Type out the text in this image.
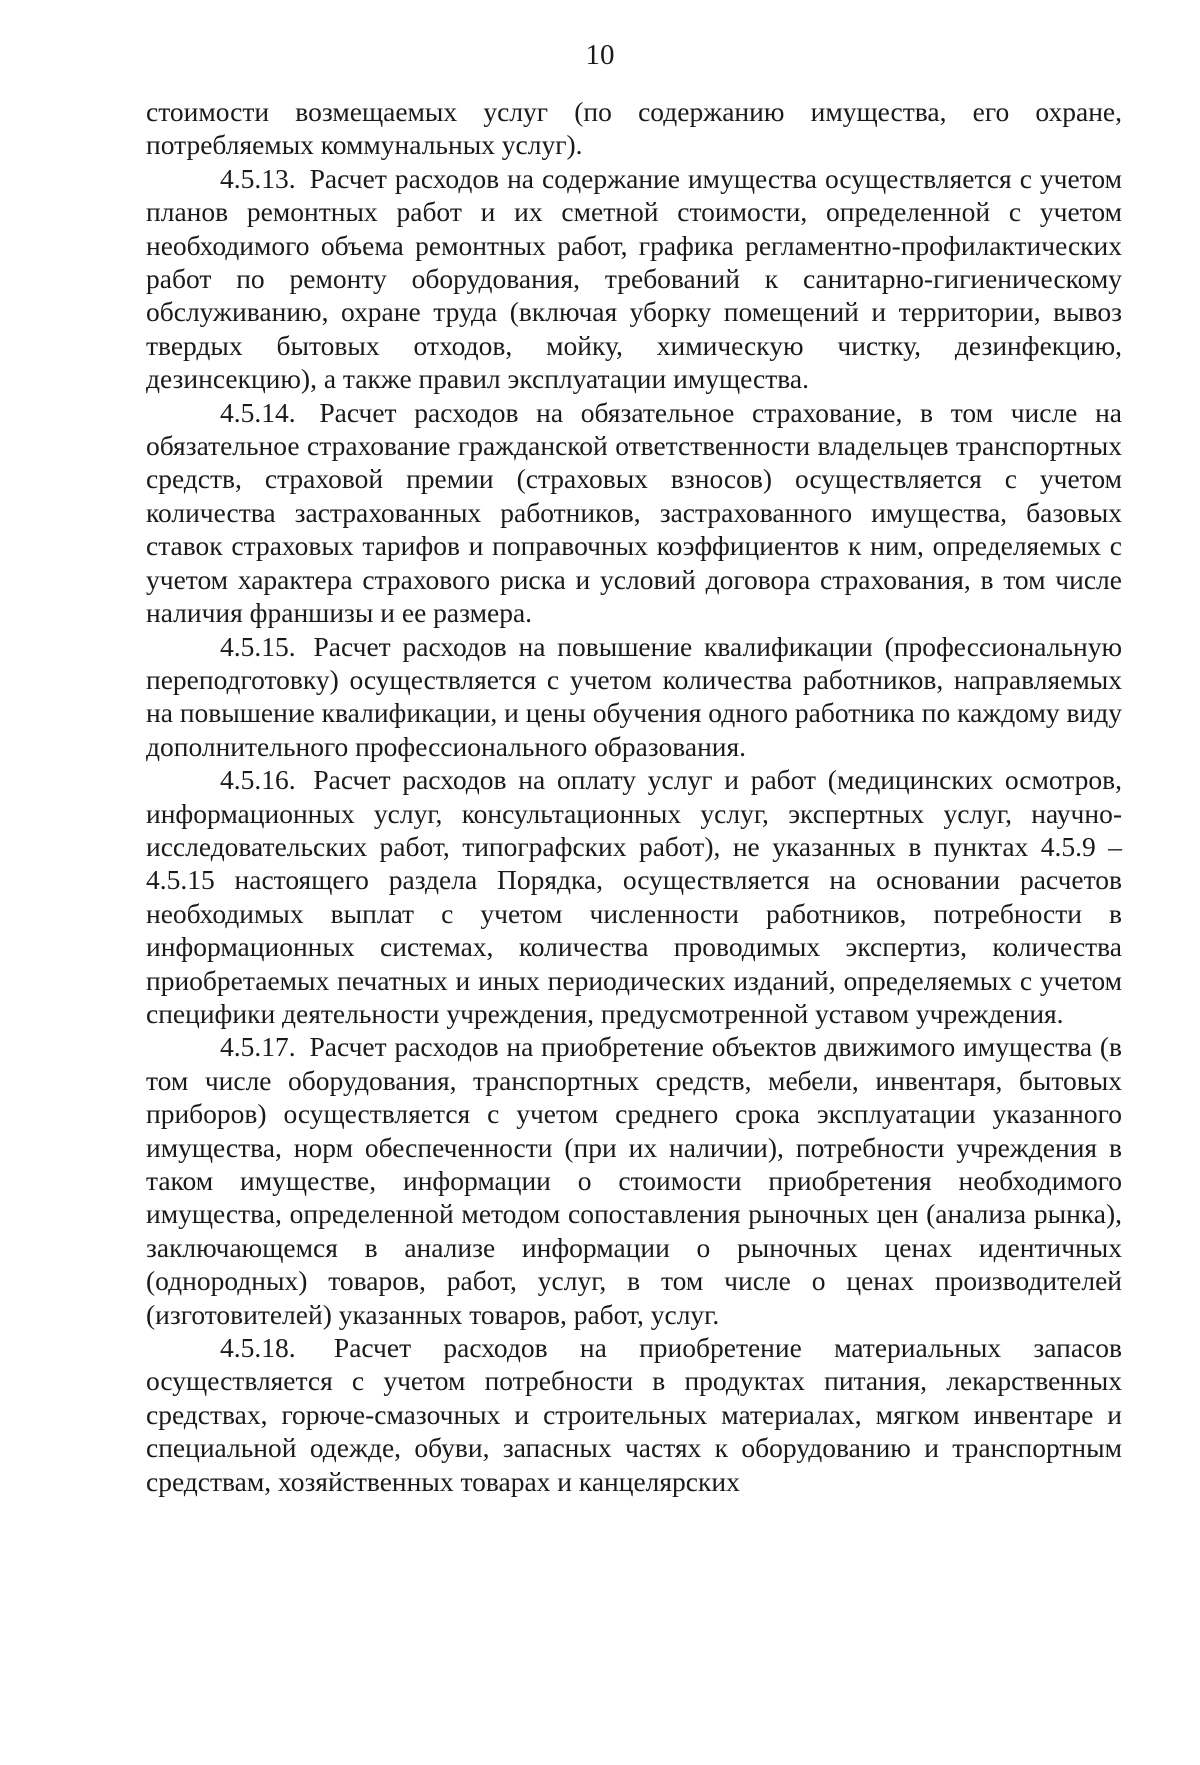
10

стоимости возмещаемых услуг (по содержанию имущества, его охране, потребляемых коммунальных услуг).

4.5.13. Расчет расходов на содержание имущества осуществляется с учетом планов ремонтных работ и их сметной стоимости, определенной с учетом необходимого объема ремонтных работ, графика регламентно-профилактических работ по ремонту оборудования, требований к санитарно-гигиеническому обслуживанию, охране труда (включая уборку помещений и территории, вывоз твердых бытовых отходов, мойку, химическую чистку, дезинфекцию, дезинсекцию), а также правил эксплуатации имущества.

4.5.14. Расчет расходов на обязательное страхование, в том числе на обязательное страхование гражданской ответственности владельцев транспортных средств, страховой премии (страховых взносов) осуществляется с учетом количества застрахованных работников, застрахованного имущества, базовых ставок страховых тарифов и поправочных коэффициентов к ним, определяемых с учетом характера страхового риска и условий договора страхования, в том числе наличия франшизы и ее размера.

4.5.15. Расчет расходов на повышение квалификации (профессиональную переподготовку) осуществляется с учетом количества работников, направляемых на повышение квалификации, и цены обучения одного работника по каждому виду дополнительного профессионального образования.

4.5.16. Расчет расходов на оплату услуг и работ (медицинских осмотров, информационных услуг, консультационных услуг, экспертных услуг, научно-исследовательских работ, типографских работ), не указанных в пунктах 4.5.9 – 4.5.15 настоящего раздела Порядка, осуществляется на основании расчетов необходимых выплат с учетом численности работников, потребности в информационных системах, количества проводимых экспертиз, количества приобретаемых печатных и иных периодических изданий, определяемых с учетом специфики деятельности учреждения, предусмотренной уставом учреждения.

4.5.17. Расчет расходов на приобретение объектов движимого имущества (в том числе оборудования, транспортных средств, мебели, инвентаря, бытовых приборов) осуществляется с учетом среднего срока эксплуатации указанного имущества, норм обеспеченности (при их наличии), потребности учреждения в таком имуществе, информации о стоимости приобретения необходимого имущества, определенной методом сопоставления рыночных цен (анализа рынка), заключающемся в анализе информации о рыночных ценах идентичных (однородных) товаров, работ, услуг, в том числе о ценах производителей (изготовителей) указанных товаров, работ, услуг.

4.5.18. Расчет расходов на приобретение материальных запасов осуществляется с учетом потребности в продуктах питания, лекарственных средствах, горюче-смазочных и строительных материалах, мягком инвентаре и специальной одежде, обуви, запасных частях к оборудованию и транспортным средствам, хозяйственных товарах и канцелярских
